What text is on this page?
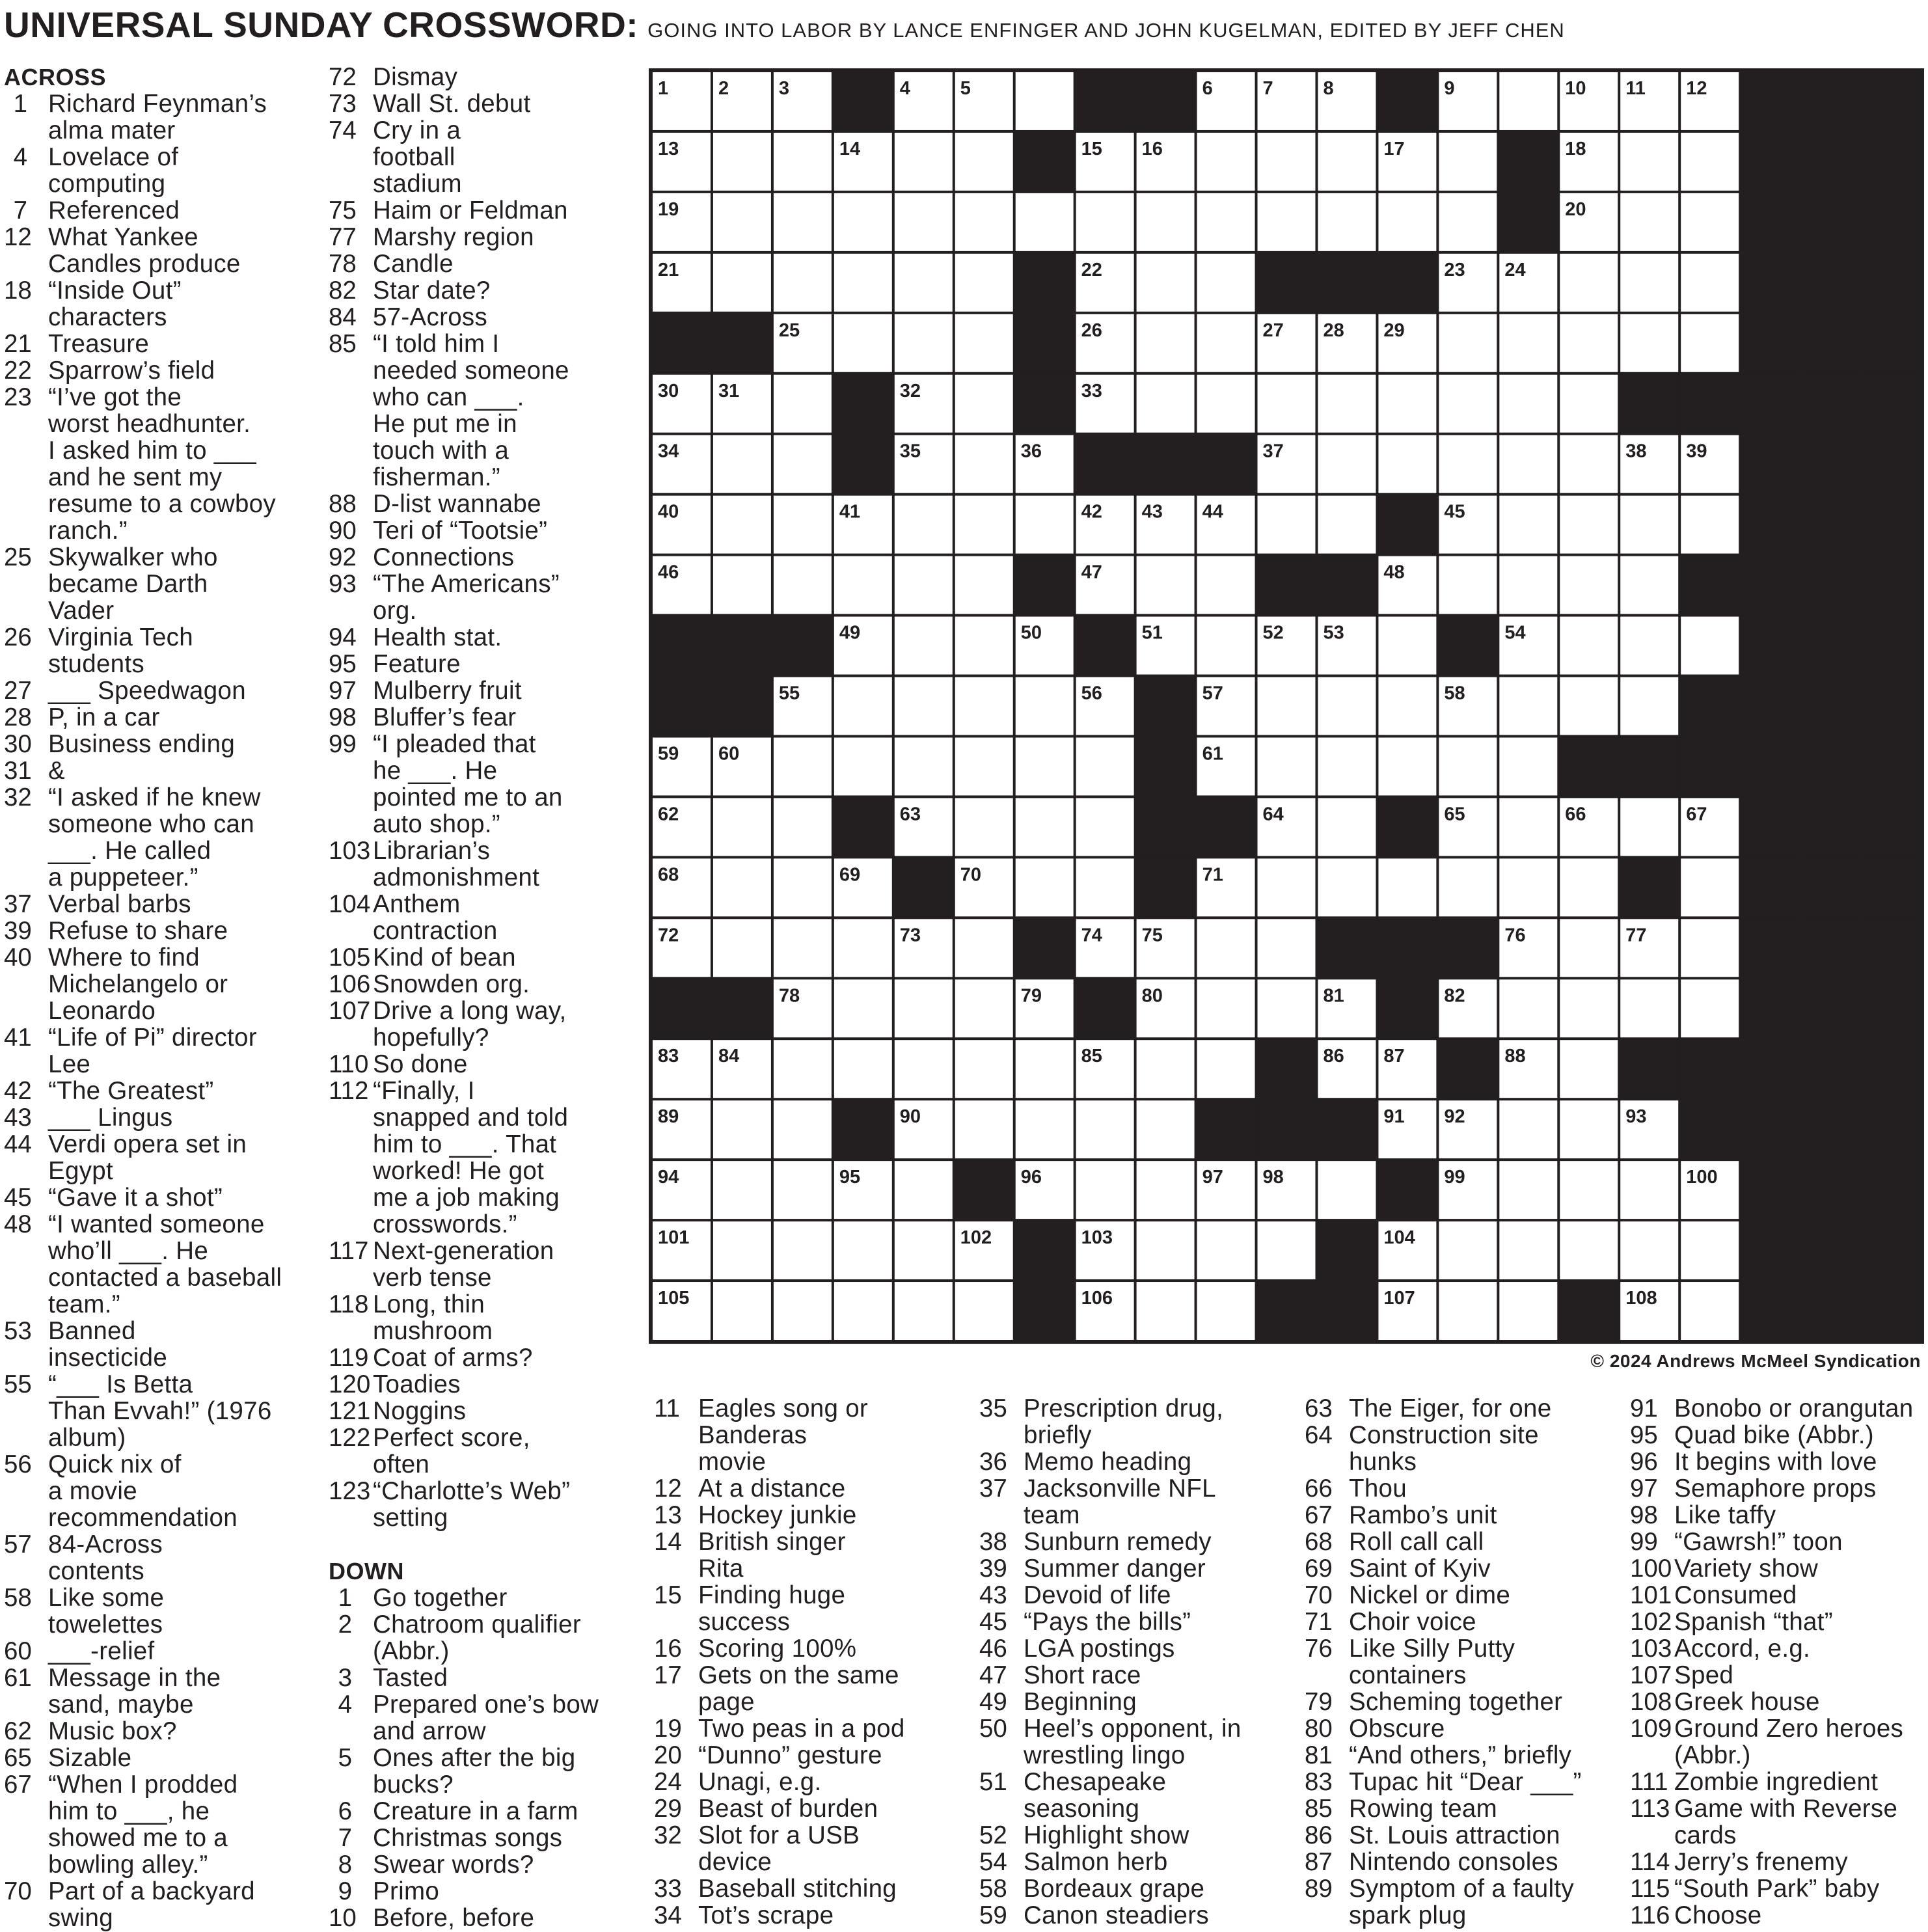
UNIVERSAL SUNDAY CROSSWORD: GOING INTO LABOR BY LANCE ENFINGER AND JOHN KUGELMAN, EDITED BY JEFF CHEN
ACROSS
1 Richard Feynman’s
alma mater
4 Lovelace of
computing
7 Referenced
12 What Yankee
Candles produce
18 “Inside Out”
characters
21 Treasure
22 Sparrow’s field
23 “I’ve got the
worst headhunter.
I asked him to ___
and he sent my
resume to a cowboy
ranch.”
25 Skywalker who
became Darth
Vader
26 Virginia Tech
students
27 ___ Speedwagon
28 P, in a car
30 Business ending
31 &
32 “I asked if he knew
someone who can
___. He called
a puppeteer.”
37 Verbal barbs
39 Refuse to share
40 Where to find
Michelangelo or
Leonardo
41 “Life of Pi” director
Lee
42 “The Greatest”
43 ___ Lingus
44 Verdi opera set in
Egypt
45 “Gave it a shot”
48 “I wanted someone
who’ll ___. He
contacted a baseball
team.”
53 Banned
insecticide
55 “___ Is Betta
Than Evvah!” (1976
album)
56 Quick nix of
a movie
recommendation
57 84-Across
contents
58 Like some
towelettes
60 ___-relief
61 Message in the
sand, maybe
62 Music box?
65 Sizable
67 “When I prodded
him to ___, he
showed me to a
bowling alley.”
70 Part of a backyard
swing
72 Dismay
73 Wall St. debut
74 Cry in a
football
stadium
75 Haim or Feldman
77 Marshy region
78 Candle
82 Star date?
84 57-Across
85 “I told him I
needed someone
who can ___.
He put me in
touch with a
fisherman.”
88 D-list wannabe
90 Teri of “Tootsie”
92 Connections
93 “The Americans”
org.
94 Health stat.
95 Feature
97 Mulberry fruit
98 Bluffer’s fear
99 “I pleaded that
he ___. He
pointed me to an
auto shop.”
103 Librarian’s
admonishment
104 Anthem
contraction
105 Kind of bean
106 Snowden org.
107 Drive a long way,
hopefully?
110 So done
112 “Finally, I
snapped and told
him to ___. That
worked! He got
me a job making
crosswords.”
117 Next-generation
verb tense
118 Long, thin
mushroom
119 Coat of arms?
120 Toadies
121 Noggins
122 Perfect score,
often
123 “Charlotte’s Web”
setting
DOWN
1 Go together
2 Chatroom qualifier
(Abbr.)
3 Tasted
4 Prepared one’s bow
and arrow
5 Ones after the big
bucks?
6 Creature in a farm
7 Christmas songs
8 Swear words?
9 Primo
10 Before, before
1	2	3	4	5	6	7	8	9	10 11 12
13	14	15 16	17	18
19	20
21	22	23 24
25	26	27 28 29
30 31	32	33
34	35	36	37	38 39
40	41	42 43 44	45
46	47	48
49	50	51	52 53	54
55	56	57	58
59 60	61
62	63	64	65	66	67
68	69	70	71
72	73	74 75	76	77
78	79	80	81	82
83 84	85	86 87	88
89	90	91 92	93
94	95	96	97 98	99	100
101	102	103	104
105	106	107	108
© 2024 Andrews McMeel Syndication
11 Eagles song or
Banderas
movie
12 At a distance
13 Hockey junkie
14 British singer
Rita
15 Finding huge
success
16 Scoring 100%
17 Gets on the same
page
19 Two peas in a pod
20 “Dunno” gesture
24 Unagi, e.g.
29 Beast of burden
32 Slot for a USB
device
33 Baseball stitching
34 Tot’s scrape
35 Prescription drug,
briefly
36 Memo heading
37 Jacksonville NFL
team
38 Sunburn remedy
39 Summer danger
43 Devoid of life
45 “Pays the bills”
46 LGA postings
47 Short race
49 Beginning
50 Heel’s opponent, in
wrestling lingo
51 Chesapeake
seasoning
52 Highlight show
54 Salmon herb
58 Bordeaux grape
59 Canon steadiers
63 The Eiger, for one
64 Construction site
hunks
66 Thou
67 Rambo’s unit
68 Roll call call
69 Saint of Kyiv
70 Nickel or dime
71 Choir voice
76 Like Silly Putty
containers
79 Scheming together
80 Obscure
81 “And others,” briefly
83 Tupac hit “Dear ___”
85 Rowing team
86 St. Louis attraction
87 Nintendo consoles
89 Symptom of a faulty
spark plug
91 Bonobo or orangutan
95 Quad bike (Abbr.)
96 It begins with love
97 Semaphore props
98 Like taffy
99 “Gawrsh!” toon
100 Variety show
101 Consumed
102 Spanish “that”
103 Accord, e.g.
107 Sped
108 Greek house
109 Ground Zero heroes
(Abbr.)
111 Zombie ingredient
113 Game with Reverse
cards
114 Jerry’s frenemy
115 “South Park” baby
116 Choose
